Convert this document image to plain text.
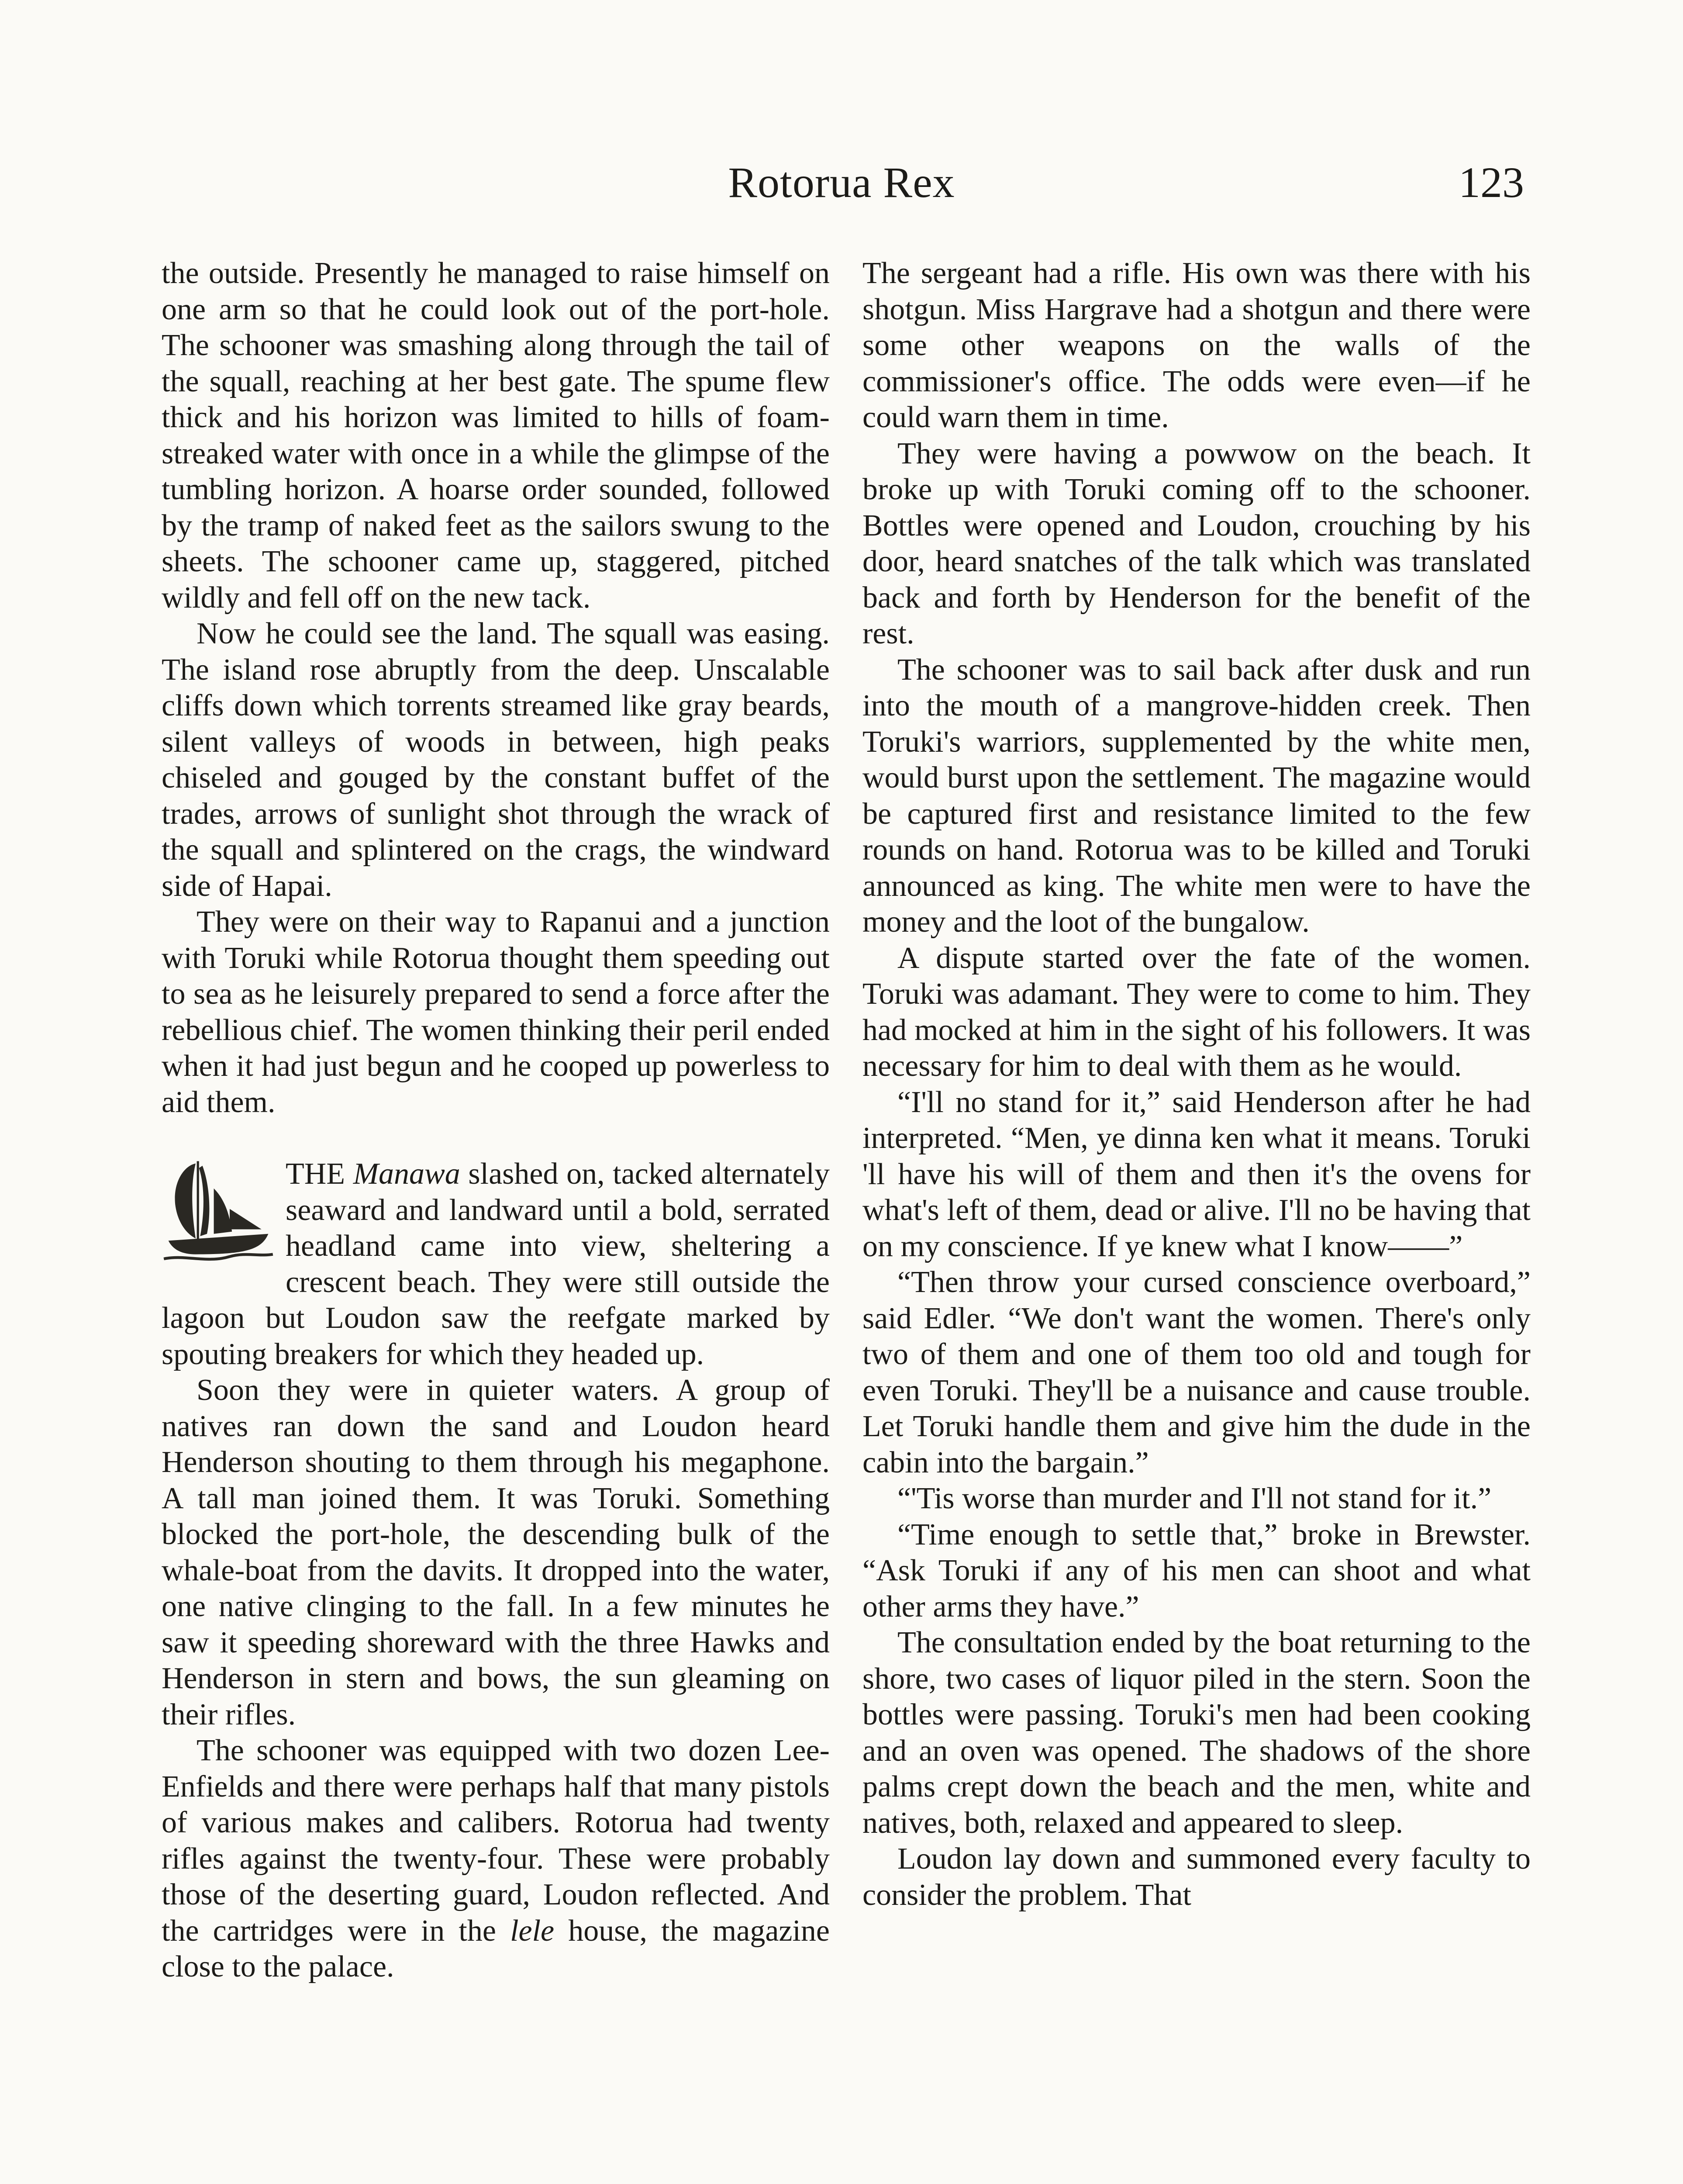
Rotorua Rex	123

the outside. Presently he managed to raise himself on one arm so that he could look out of the port-hole. The schooner was smashing along through the tail of the squall, reaching at her best gate. The spume flew thick and his horizon was limited to hills of foam-streaked water with once in a while the glimpse of the tumbling horizon. A hoarse order sounded, followed by the tramp of naked feet as the sailors swung to the sheets. The schooner came up, staggered, pitched wildly and fell off on the new tack.

Now he could see the land. The squall was easing. The island rose abruptly from the deep. Unscalable cliffs down which torrents streamed like gray beards, silent valleys of woods in between, high peaks chiseled and gouged by the constant buffet of the trades, arrows of sunlight shot through the wrack of the squall and splintered on the crags, the windward side of Hapai.

They were on their way to Rapanui and a junction with Toruki while Rotorua thought them speeding out to sea as he leisurely prepared to send a force after the rebellious chief. The women thinking their peril ended when it had just begun and he cooped up powerless to aid them.

THE Manawa slashed on, tacked alternately seaward and landward until a bold, serrated headland came into view, sheltering a crescent beach. They were still outside the lagoon but Loudon saw the reefgate marked by spouting breakers for which they headed up.

Soon they were in quieter waters. A group of natives ran down the sand and Loudon heard Henderson shouting to them through his megaphone. A tall man joined them. It was Toruki. Something blocked the port-hole, the descending bulk of the whale-boat from the davits. It dropped into the water, one native clinging to the fall. In a few minutes he saw it speeding shoreward with the three Hawks and Henderson in stern and bows, the sun gleaming on their rifles.

The schooner was equipped with two dozen Lee-Enfields and there were perhaps half that many pistols of various makes and calibers. Rotorua had twenty rifles against the twenty-four. These were probably those of the deserting guard, Loudon reflected. And the cartridges were in the lele house, the magazine close to the palace.

The sergeant had a rifle. His own was there with his shotgun. Miss Hargrave had a shotgun and there were some other weapons on the walls of the commissioner's office. The odds were even—if he could warn them in time.

They were having a powwow on the beach. It broke up with Toruki coming off to the schooner. Bottles were opened and Loudon, crouching by his door, heard snatches of the talk which was translated back and forth by Henderson for the benefit of the rest.

The schooner was to sail back after dusk and run into the mouth of a mangrove-hidden creek. Then Toruki's warriors, supplemented by the white men, would burst upon the settlement. The magazine would be captured first and resistance limited to the few rounds on hand. Rotorua was to be killed and Toruki announced as king. The white men were to have the money and the loot of the bungalow.

A dispute started over the fate of the women. Toruki was adamant. They were to come to him. They had mocked at him in the sight of his followers. It was necessary for him to deal with them as he would.

“I'll no stand for it,” said Henderson after he had interpreted. “Men, ye dinna ken what it means. Toruki 'll have his will of them and then it's the ovens for what's left of them, dead or alive. I'll no be having that on my conscience. If ye knew what I know——”

“Then throw your cursed conscience overboard,” said Edler. “We don't want the women. There's only two of them and one of them too old and tough for even Toruki. They'll be a nuisance and cause trouble. Let Toruki handle them and give him the dude in the cabin into the bargain.”

“'Tis worse than murder and I'll not stand for it.”

“Time enough to settle that,” broke in Brewster. “Ask Toruki if any of his men can shoot and what other arms they have.”

The consultation ended by the boat returning to the shore, two cases of liquor piled in the stern. Soon the bottles were passing. Toruki's men had been cooking and an oven was opened. The shadows of the shore palms crept down the beach and the men, white and natives, both, relaxed and appeared to sleep.

Loudon lay down and summoned every faculty to consider the problem. That
